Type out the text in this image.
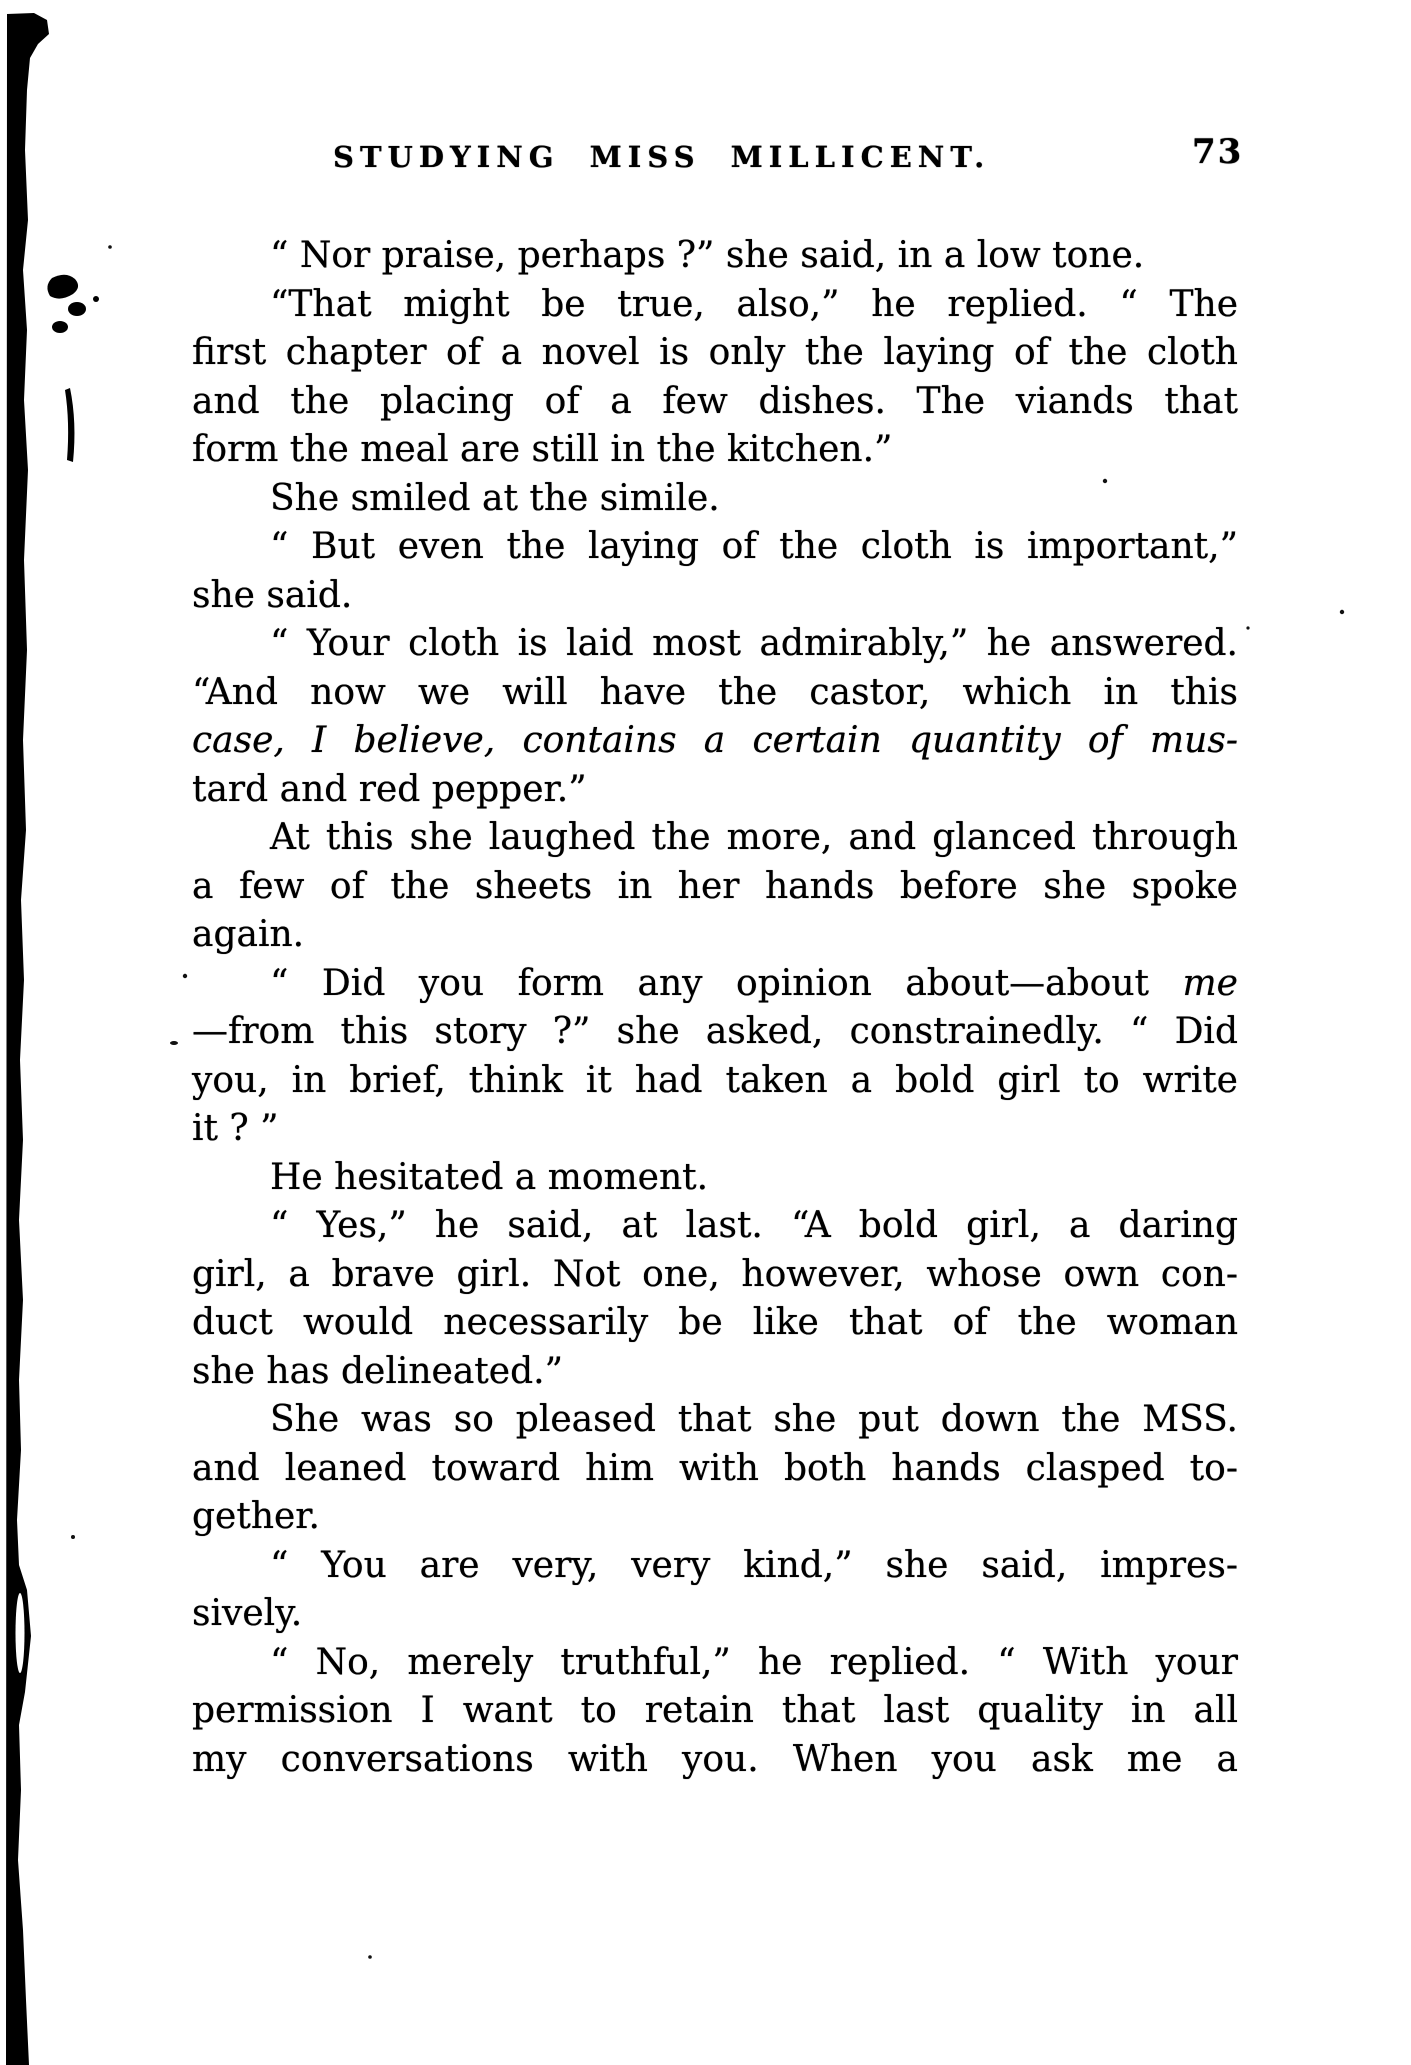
STUDYING MISS MILLICENT.	73
“ Nor praise, perhaps ?” she said, in a low tone.
“That might be true, also,” he replied. “ The
first chapter of a novel is only the laying of the cloth
and the placing of a few dishes. The viands that
form the meal are still in the kitchen.”
She smiled at the simile.
“ But even the laying of the cloth is important,”
she said.
“ Your cloth is laid most admirably,” he answered.
“And now we will have the castor, which in this
case, I believe, contains a certain quantity of mus-
tard and red pepper.”
At this she laughed the more, and glanced through
a few of the sheets in her hands before she spoke
again.
“ Did you form any opinion about—about me
—from this story ?” she asked, constrainedly. “ Did
you, in brief, think it had taken a bold girl to write
it ? ”
He hesitated a moment.
“ Yes,” he said, at last. “A bold girl, a daring
girl, a brave girl. Not one, however, whose own con-
duct would necessarily be like that of the woman
she has delineated.”
She was so pleased that she put down the MSS.
and leaned toward him with both hands clasped to-
gether.
“ You are very, very kind,” she said, impres-
sively.
“ No, merely truthful,” he replied. “ With your
permission I want to retain that last quality in all
my conversations with you. When you ask me a
